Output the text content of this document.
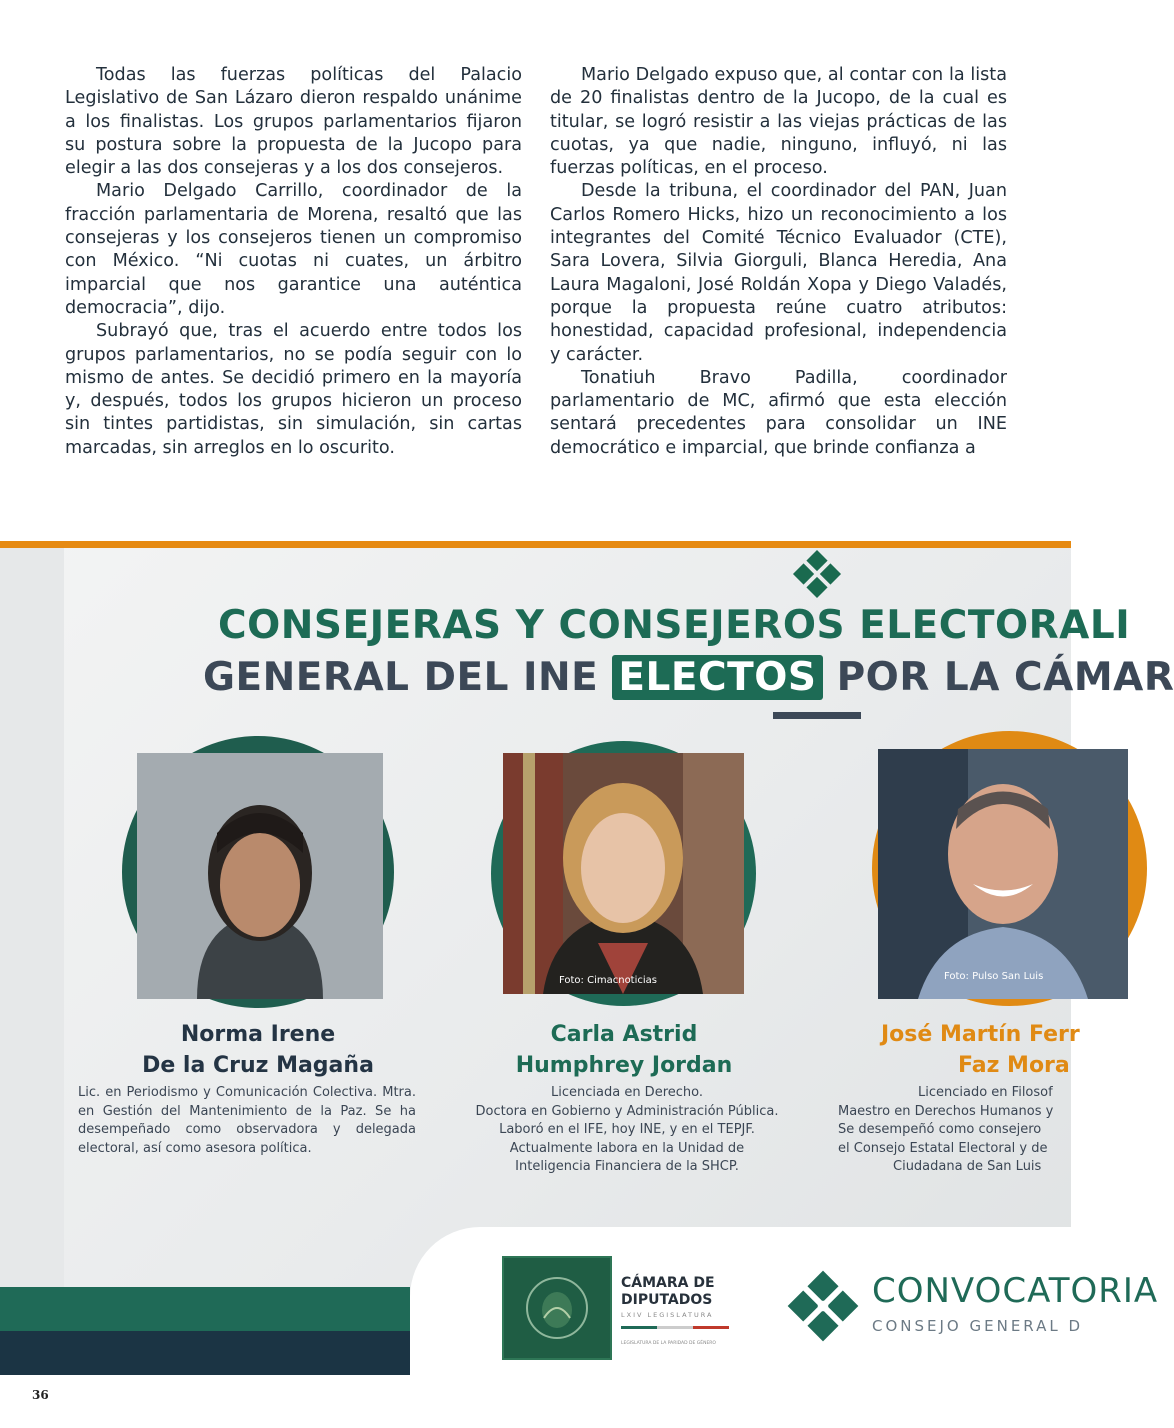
Todas las fuerzas políticas del Palacio Legislativo de San Lázaro dieron respaldo unánime a los finalistas. Los grupos parlamentarios fijaron su postura sobre la propuesta de la Jucopo para elegir a las dos consejeras y a los dos consejeros.

Mario Delgado Carrillo, coordinador de la fracción parlamentaria de Morena, resaltó que las consejeras y los consejeros tienen un compromiso con México. “Ni cuotas ni cuates, un árbitro imparcial que nos garantice una auténtica democracia”, dijo.

Subrayó que, tras el acuerdo entre todos los grupos parlamentarios, no se podía seguir con lo mismo de antes. Se decidió primero en la mayoría y, después, todos los grupos hicieron un proceso sin tintes partidistas, sin simulación, sin cartas marcadas, sin arreglos en lo oscurito.

Mario Delgado expuso que, al contar con la lista de 20 finalistas dentro de la Jucopo, de la cual es titular, se logró resistir a las viejas prácticas de las cuotas, ya que nadie, ninguno, influyó, ni las fuerzas políticas, en el proceso.

Desde la tribuna, el coordinador del PAN, Juan Carlos Romero Hicks, hizo un reconocimiento a los integrantes del Comité Técnico Evaluador (CTE), Sara Lovera, Silvia Giorguli, Blanca Heredia, Ana Laura Magaloni, José Roldán Xopa y Diego Valadés, porque la propuesta reúne cuatro atributos: honestidad, capacidad profesional, independencia y carácter.

Tonatiuh Bravo Padilla, coordinador parlamentario de MC, afirmó que esta elección sentará precedentes para consolidar un INE democrático e imparcial, que brinde confianza a

CONSEJERAS Y CONSEJEROS ELECTORALI
GENERAL DEL INE ELECTOS POR LA CÁMAR
Foto: Cimacnoticias	Foto: Pulso San Luis
Norma Irene
De la Cruz Magaña
Carla Astrid
Humphrey Jordan
José Martín Ferr
Faz Mora
Lic. en Periodismo y Comunicación Colectiva. Mtra. en Gestión del Mantenimiento de la Paz. Se ha desempeñado como observadora y delegada electoral, así como asesora política.
Licenciada en Derecho.
Doctora en Gobierno y Administración Pública.
Laboró en el IFE, hoy INE, y en el TEPJF.
Actualmente labora en la Unidad de
Inteligencia Financiera de la SHCP.
Licenciado en Filosof
Maestro en Derechos Humanos y
Se desempeñó como consejero
el Consejo Estatal Electoral y de
Ciudadana de San Luis
CÁMARA DE
DIPUTADOS
LXIV LEGISLATURA
LEGISLATURA DE LA PARIDAD DE GÉNERO
CONVOCATORIA
CONSEJO GENERAL D
36
